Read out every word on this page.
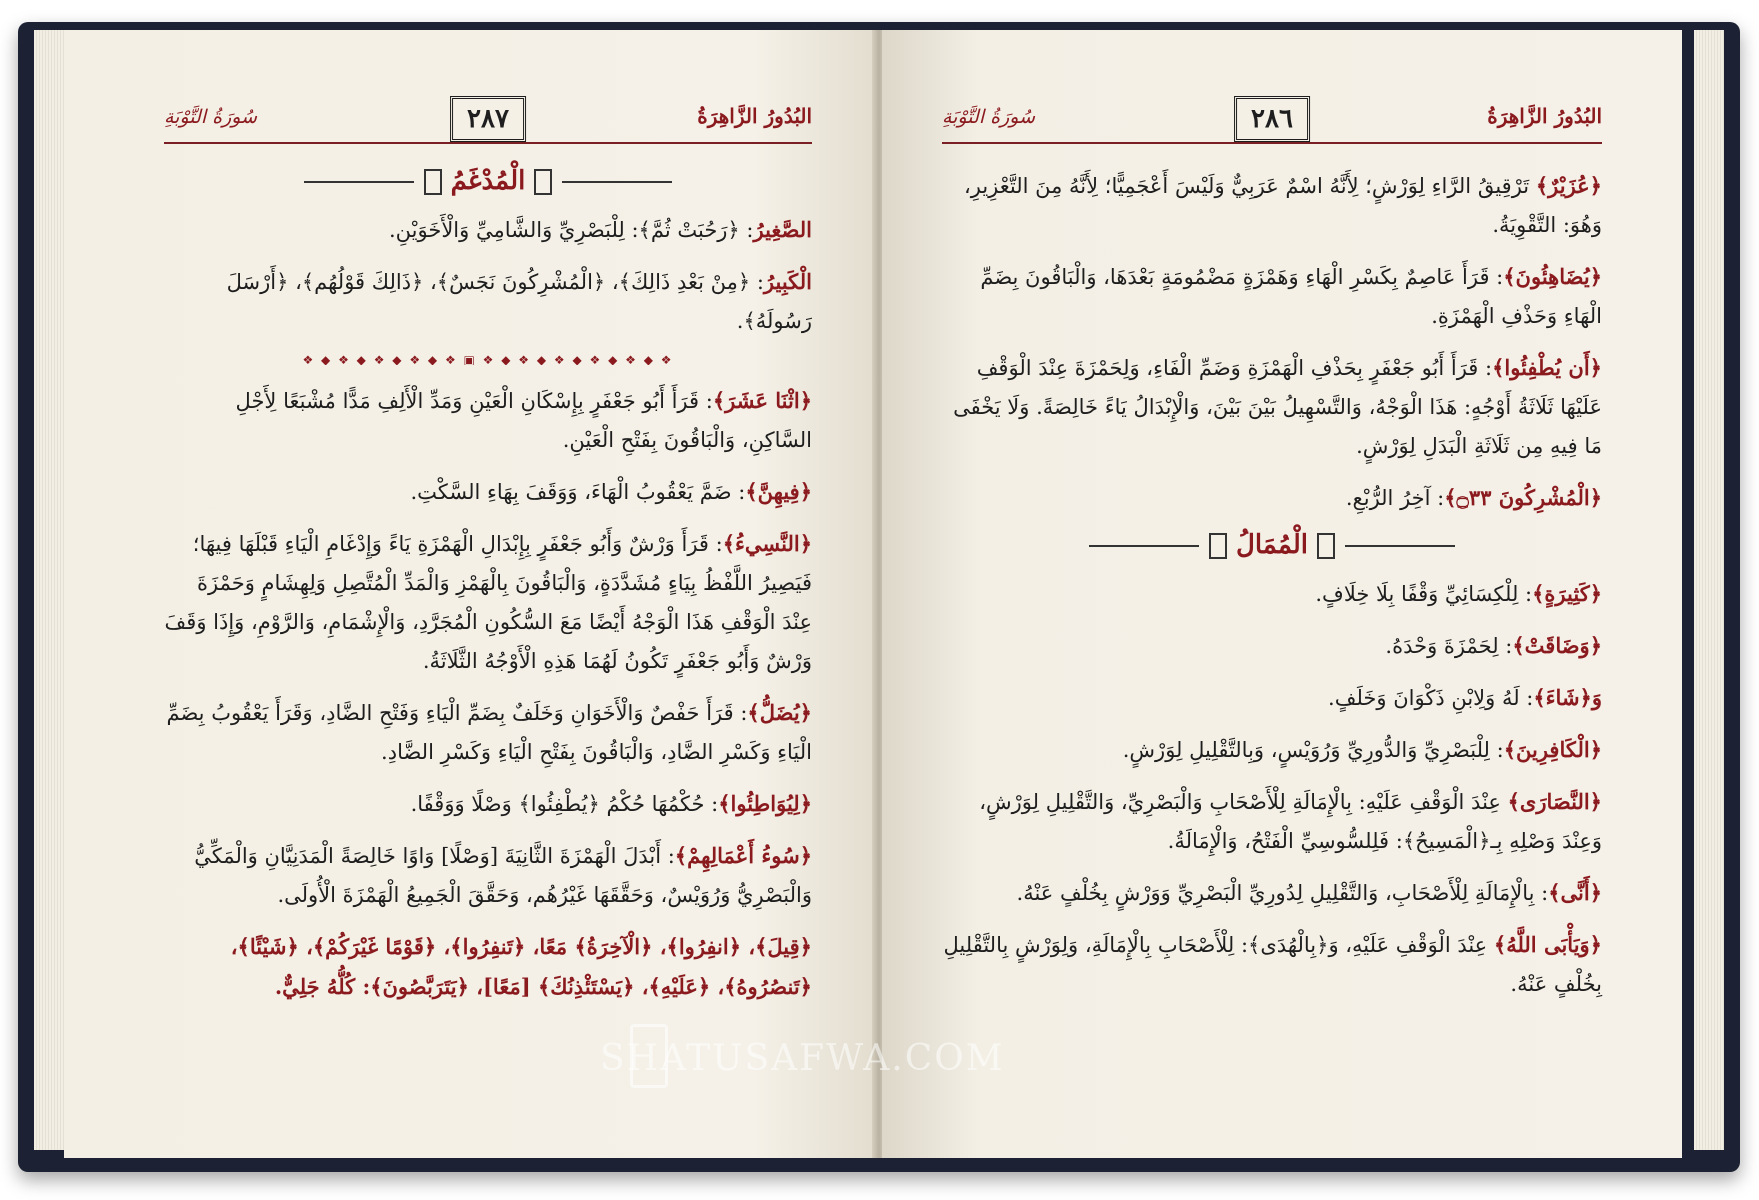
البُدُورُ الزَّاهِرَةُ
٢٨٧
سُورَةُ التَّوْبَةِ
الْمُدْغَمُ

الصَّغِيرُ: ﴿رَحُبَتْ ثُمَّ﴾: لِلْبَصْرِيِّ وَالشَّامِيِّ وَالْأَخَوَيْنِ.

الْكَبِيرُ: ﴿مِنْ بَعْدِ ذَالِكَ﴾، ﴿الْمُشْرِكُونَ نَجَسٌ﴾، ﴿ذَالِكَ قَوْلُهُم﴾، ﴿أَرْسَلَ رَسُولَهُ﴾.

❖ ◆ ❖ ◆ ❖ ◆ ❖ ◆ ❖ ◆ ❖ ▣ ❖ ◆ ❖ ◆ ❖ ◆ ❖ ◆ ❖

﴿اثْنَا عَشَرَ﴾: قَرَأَ أَبُو جَعْفَرٍ بِإِسْكَانِ الْعَيْنِ وَمَدِّ الْأَلِفِ مَدًّا مُشْبَعًا لِأَجْلِ السَّاكِنِ، وَالْبَاقُونَ بِفَتْحِ الْعَيْنِ.

﴿فِيهِنَّ﴾: ضَمَّ يَعْقُوبُ الْهَاءَ، وَوَقَفَ بِهَاءِ السَّكْتِ.

﴿النَّسِيءُ﴾: قَرَأَ وَرْشٌ وَأَبُو جَعْفَرٍ بِإِبْدَالِ الْهَمْزَةِ يَاءً وَإِدْغَامِ الْيَاءِ قَبْلَهَا فِيهَا؛ فَيَصِيرُ اللَّفْظُ بِيَاءٍ مُشَدَّدَةٍ، وَالْبَاقُونَ بِالْهَمْزِ وَالْمَدِّ الْمُتَّصِلِ وَلِهِشَامٍ وَحَمْزَةَ عِنْدَ الْوَقْفِ هَذَا الْوَجْهُ أَيْضًا مَعَ السُّكُونِ الْمُجَرَّدِ، وَالْإِشْمَامِ، وَالرَّوْمِ، وَإِذَا وَقَفَ وَرْشٌ وَأَبُو جَعْفَرٍ تَكُونُ لَهُمَا هَذِهِ الْأَوْجُهُ الثَّلَاثَةُ.

﴿يُضَلُّ﴾: قَرَأَ حَفْصٌ وَالْأَخَوَانِ وَخَلَفٌ بِضَمِّ الْيَاءِ وَفَتْحِ الضَّادِ، وَقَرَأَ يَعْقُوبُ بِضَمِّ الْيَاءِ وَكَسْرِ الضَّادِ، وَالْبَاقُونَ بِفَتْحِ الْيَاءِ وَكَسْرِ الضَّادِ.

﴿لِيُوَاطِئُوا﴾: حُكْمُهَا حُكْمُ ﴿يُطْفِئُوا﴾ وَصْلًا وَوَقْفًا.

﴿سُوءُ أَعْمَالِهِمْ﴾: أَبْدَلَ الْهَمْزَةَ الثَّانِيَةَ [وَصْلًا] وَاوًا خَالِصَةً الْمَدَنِيَّانِ وَالْمَكِّيُّ وَالْبَصْرِيُّ وَرُوَيْسٌ، وَحَقَّقَهَا غَيْرُهُم، وَحَقَّقَ الْجَمِيعُ الْهَمْزَةَ الْأُولَى.

﴿قِيلَ﴾، ﴿انفِرُوا﴾، ﴿الْآخِرَةُ﴾ مَعًا، ﴿تَنفِرُوا﴾، ﴿قَوْمًا غَيْرَكُمْ﴾، ﴿شَيْئًا﴾، ﴿تَنصُرُوهُ﴾، ﴿عَلَيْهِ﴾، ﴿يَسْتَئْذِنُكَ﴾ [مَعًا]، ﴿يَتَرَبَّصُونَ﴾: كُلُّهُ جَلِيٌّ.

البُدُورُ الزَّاهِرَةُ
٢٨٦
سُورَةُ التَّوْبَةِ

﴿عُزَيْرٌ﴾ تَرْقِيقُ الرَّاءِ لِوَرْشٍ؛ لِأَنَّهُ اسْمٌ عَرَبِيٌّ وَلَيْسَ أَعْجَمِيًّا؛ لِأَنَّهُ مِنَ التَّعْزِيرِ، وَهُوَ: التَّقْوِيَةُ.

﴿يُضَاهِئُونَ﴾: قَرَأَ عَاصِمٌ بِكَسْرِ الْهَاءِ وَهَمْزَةٍ مَضْمُومَةٍ بَعْدَهَا، وَالْبَاقُونَ بِضَمِّ الْهَاءِ وَحَذْفِ الْهَمْزَةِ.

﴿أَن يُطْفِئُوا﴾: قَرَأَ أَبُو جَعْفَرٍ بِحَذْفِ الْهَمْزَةِ وَضَمِّ الْفَاءِ، وَلِحَمْزَةَ عِنْدَ الْوَقْفِ عَلَيْهَا ثَلَاثَةُ أَوْجُهٍ: هَذَا الْوَجْهُ، وَالتَّسْهِيلُ بَيْنَ بَيْنَ، وَالْإِبْدَالُ يَاءً خَالِصَةً. وَلَا يَخْفَى مَا فِيهِ مِن ثَلَاثَةِ الْبَدَلِ لِوَرْشٍ.

﴿الْمُشْرِكُونَ ۝٣٣﴾: آخِرُ الرُّبْعِ.

الْمُمَالُ

﴿كَثِيرَةٍ﴾: لِلْكِسَائِيِّ وَقْفًا بِلَا خِلَافٍ.

﴿وَضَاقَتْ﴾: لِحَمْزَةَ وَحْدَهُ.

وَ﴿شَاءَ﴾: لَهُ وَلِابْنِ ذَكْوَانَ وَخَلَفٍ.

﴿الْكَافِرِينَ﴾: لِلْبَصْرِيِّ وَالدُّورِيِّ وَرُوَيْسٍ، وَبِالتَّقْلِيلِ لِوَرْشٍ.

﴿النَّصَارَى﴾ عِنْدَ الْوَقْفِ عَلَيْهِ: بِالْإِمَالَةِ لِلْأَصْحَابِ وَالْبَصْرِيِّ، وَالتَّقْلِيلِ لِوَرْشٍ، وَعِنْدَ وَصْلِهِ بِـ﴿الْمَسِيحُ﴾: فَلِلسُّوسِيِّ الْفَتْحُ، وَالْإِمَالَةُ.

﴿أَنَّى﴾: بِالْإِمَالَةِ لِلْأَصْحَابِ، وَالتَّقْلِيلِ لِدُورِيِّ الْبَصْرِيِّ وَوَرْشٍ بِخُلْفٍ عَنْهُ.

﴿وَيَأْبَى اللَّهُ﴾ عِنْدَ الْوَقْفِ عَلَيْهِ، وَ﴿بِالْهُدَى﴾: لِلْأَصْحَابِ بِالْإِمَالَةِ، وَلِوَرْشٍ بِالتَّقْلِيلِ بِخُلْفٍ عَنْهُ.

SHATUSAFWA.COM
